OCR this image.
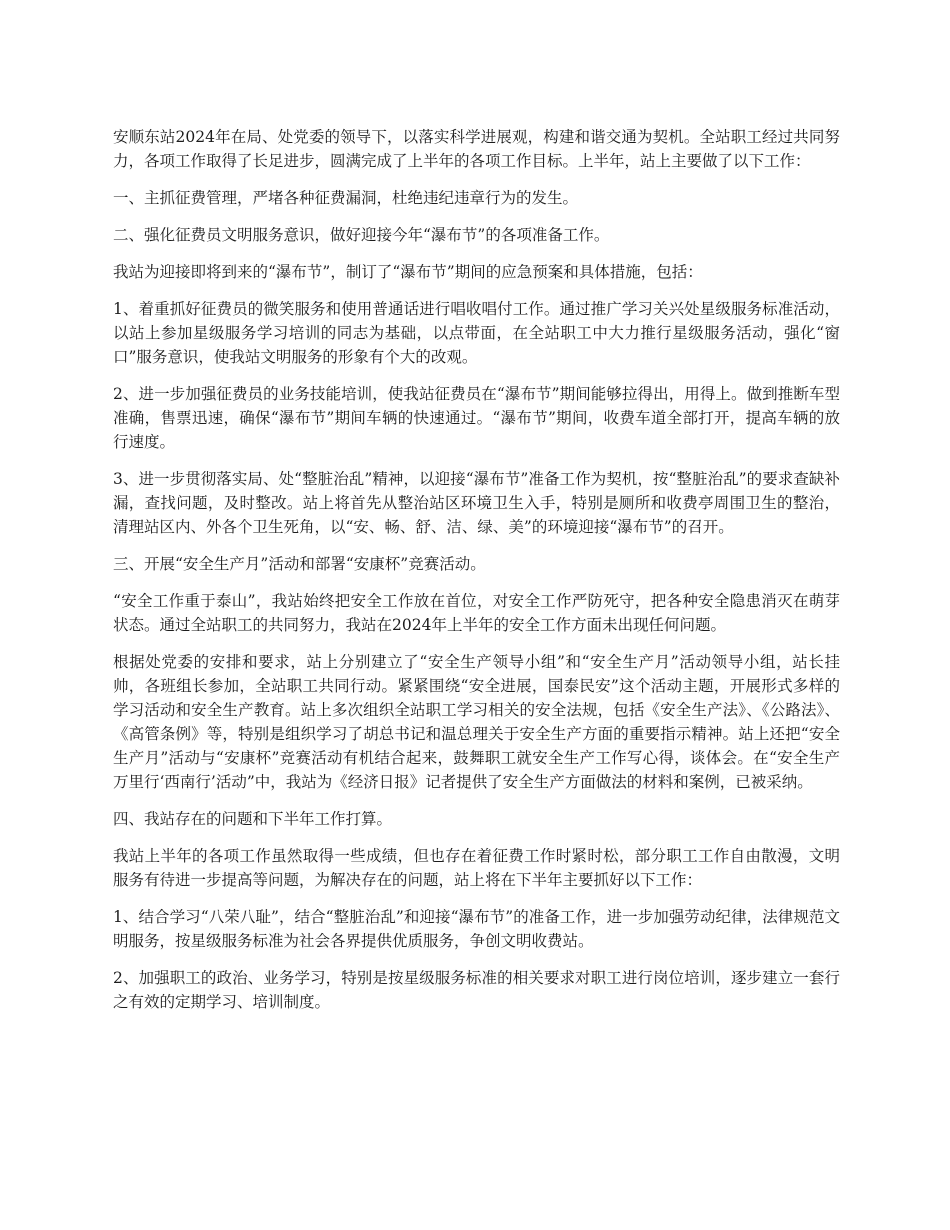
安顺东站2024年在局、处党委的领导下，以落实科学进展观，构建和谐交通为契机。全站职工经过共同努力，各项工作取得了长足进步，圆满完成了上半年的各项工作目标。上半年，站上主要做了以下工作：

一、主抓征费管理，严堵各种征费漏洞，杜绝违纪违章行为的发生。

二、强化征费员文明服务意识，做好迎接今年“瀑布节”的各项准备工作。

我站为迎接即将到来的“瀑布节”，制订了“瀑布节”期间的应急预案和具体措施，包括：

1、着重抓好征费员的微笑服务和使用普通话进行唱收唱付工作。通过推广学习关兴处星级服务标准活动，以站上参加星级服务学习培训的同志为基础，以点带面，在全站职工中大力推行星级服务活动，强化“窗口”服务意识，使我站文明服务的形象有个大的改观。

2、进一步加强征费员的业务技能培训，使我站征费员在“瀑布节”期间能够拉得出，用得上。做到推断车型准确，售票迅速，确保“瀑布节”期间车辆的快速通过。“瀑布节”期间，收费车道全部打开，提高车辆的放行速度。

3、进一步贯彻落实局、处“整脏治乱”精神，以迎接“瀑布节”准备工作为契机，按“整脏治乱”的要求查缺补漏，查找问题，及时整改。站上将首先从整治站区环境卫生入手，特别是厕所和收费亭周围卫生的整治，清理站区内、外各个卫生死角，以“安、畅、舒、洁、绿、美”的环境迎接“瀑布节”的召开。

三、开展“安全生产月”活动和部署“安康杯”竞赛活动。

“安全工作重于泰山”，我站始终把安全工作放在首位，对安全工作严防死守，把各种安全隐患消灭在萌芽状态。通过全站职工的共同努力，我站在2024年上半年的安全工作方面未出现任何问题。

根据处党委的安排和要求，站上分别建立了“安全生产领导小组”和“安全生产月”活动领导小组，站长挂帅，各班组长参加，全站职工共同行动。紧紧围绕“安全进展，国泰民安”这个活动主题，开展形式多样的学习活动和安全生产教育。站上多次组织全站职工学习相关的安全法规，包括《安全生产法》、《公路法》、《高管条例》等，特别是组织学习了胡总书记和温总理关于安全生产方面的重要指示精神。站上还把“安全生产月”活动与“安康杯”竞赛活动有机结合起来，鼓舞职工就安全生产工作写心得，谈体会。在“安全生产万里行‘西南行’活动”中，我站为《经济日报》记者提供了安全生产方面做法的材料和案例，已被采纳。

四、我站存在的问题和下半年工作打算。

我站上半年的各项工作虽然取得一些成绩，但也存在着征费工作时紧时松，部分职工工作自由散漫，文明服务有待进一步提高等问题，为解决存在的问题，站上将在下半年主要抓好以下工作：

1、结合学习“八荣八耻”，结合“整脏治乱”和迎接“瀑布节”的准备工作，进一步加强劳动纪律，法律规范文明服务，按星级服务标准为社会各界提供优质服务，争创文明收费站。

2、加强职工的政治、业务学习，特别是按星级服务标准的相关要求对职工进行岗位培训，逐步建立一套行之有效的定期学习、培训制度。
